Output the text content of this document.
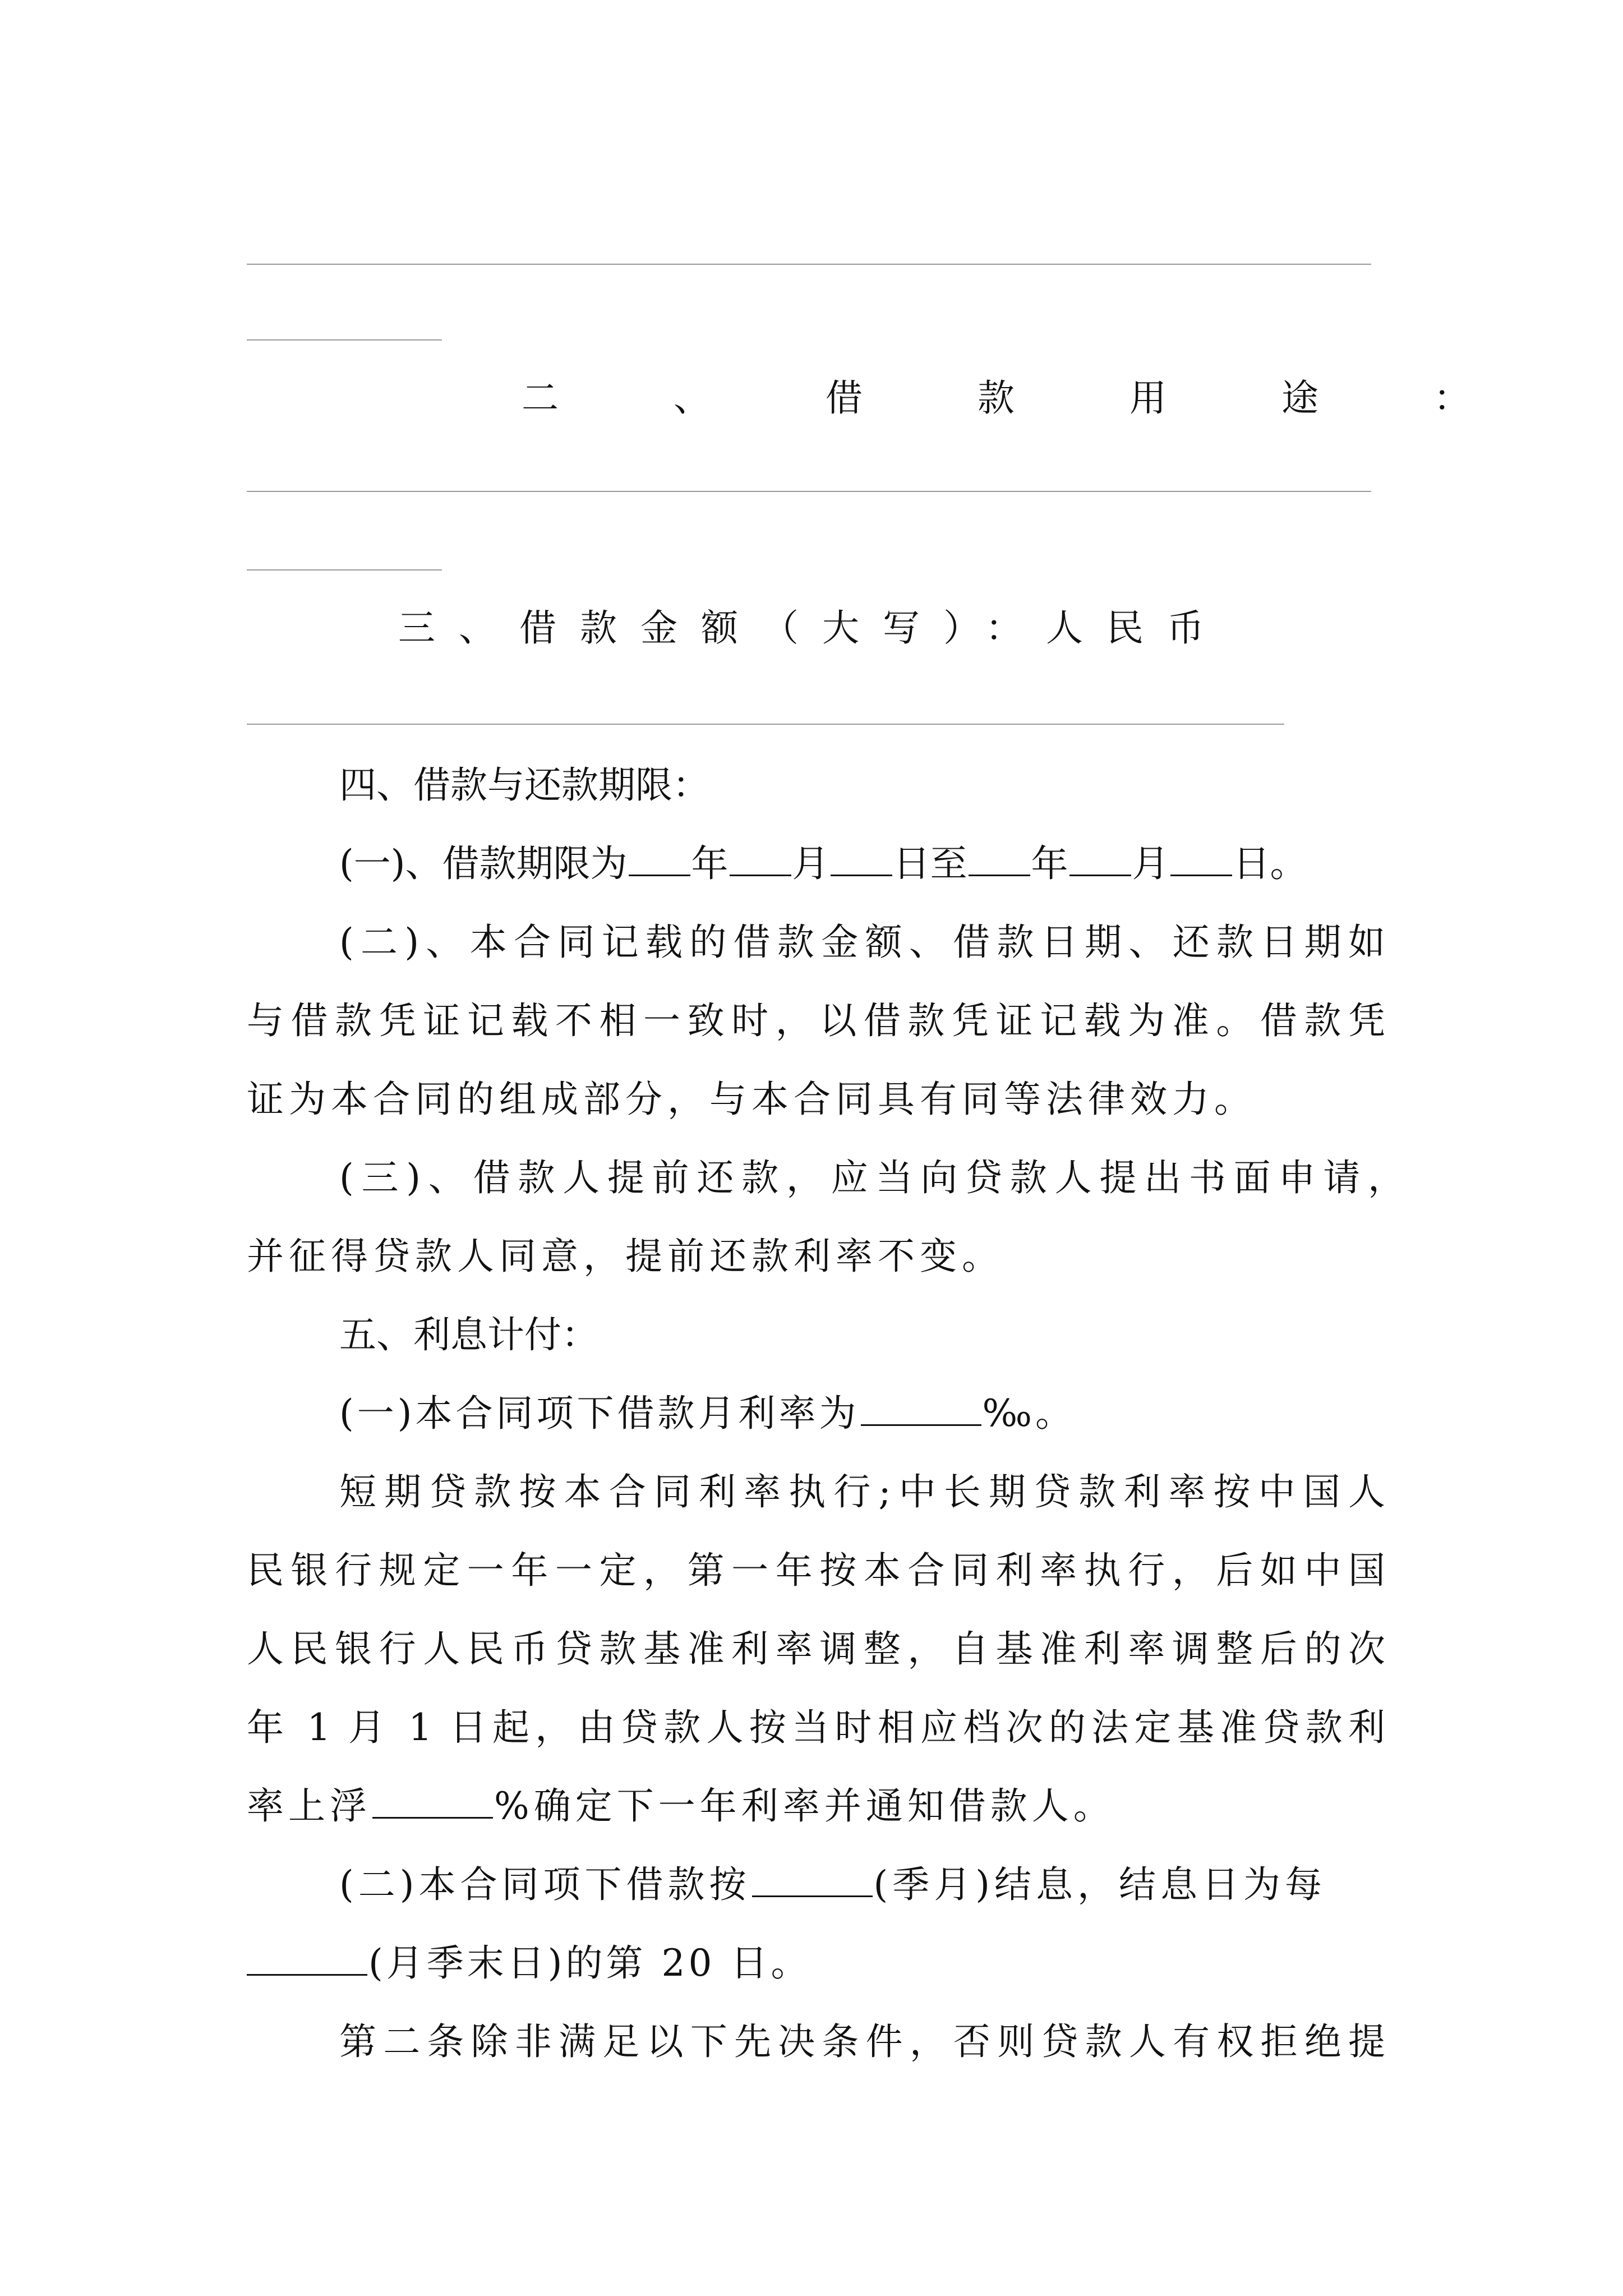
二、借款用途：
三、借款金额（大写）：人民币
四、借款与还款期限：
(一)、借款期限为 年 月 日至 年 月 日。
(二)、本合同记载的借款金额、借款日期、还款日期如
与借款凭证记载不相一致时，以借款凭证记载为准。借款凭
证为本合同的组成部分，与本合同具有同等法律效力。
(三)、借款人提前还款，应当向贷款人提出书面申请，
并征得贷款人同意，提前还款利率不变。
五、利息计付：
(一)本合同项下借款月利率为	‰。
短期贷款按本合同利率执行;中长期贷款利率按中国人
民银行规定一年一定，第一年按本合同利率执行，后如中国
人民银行人民币贷款基准利率调整，自基准利率调整后的次
年 1 月 1 日起，由贷款人按当时相应档次的法定基准贷款利
率上浮	%确定下一年利率并通知借款人。
(二)本合同项下借款按	(季月)结息，结息日为每
(月季末日)的第 20 日。
第二条除非满足以下先决条件，否则贷款人有权拒绝提
